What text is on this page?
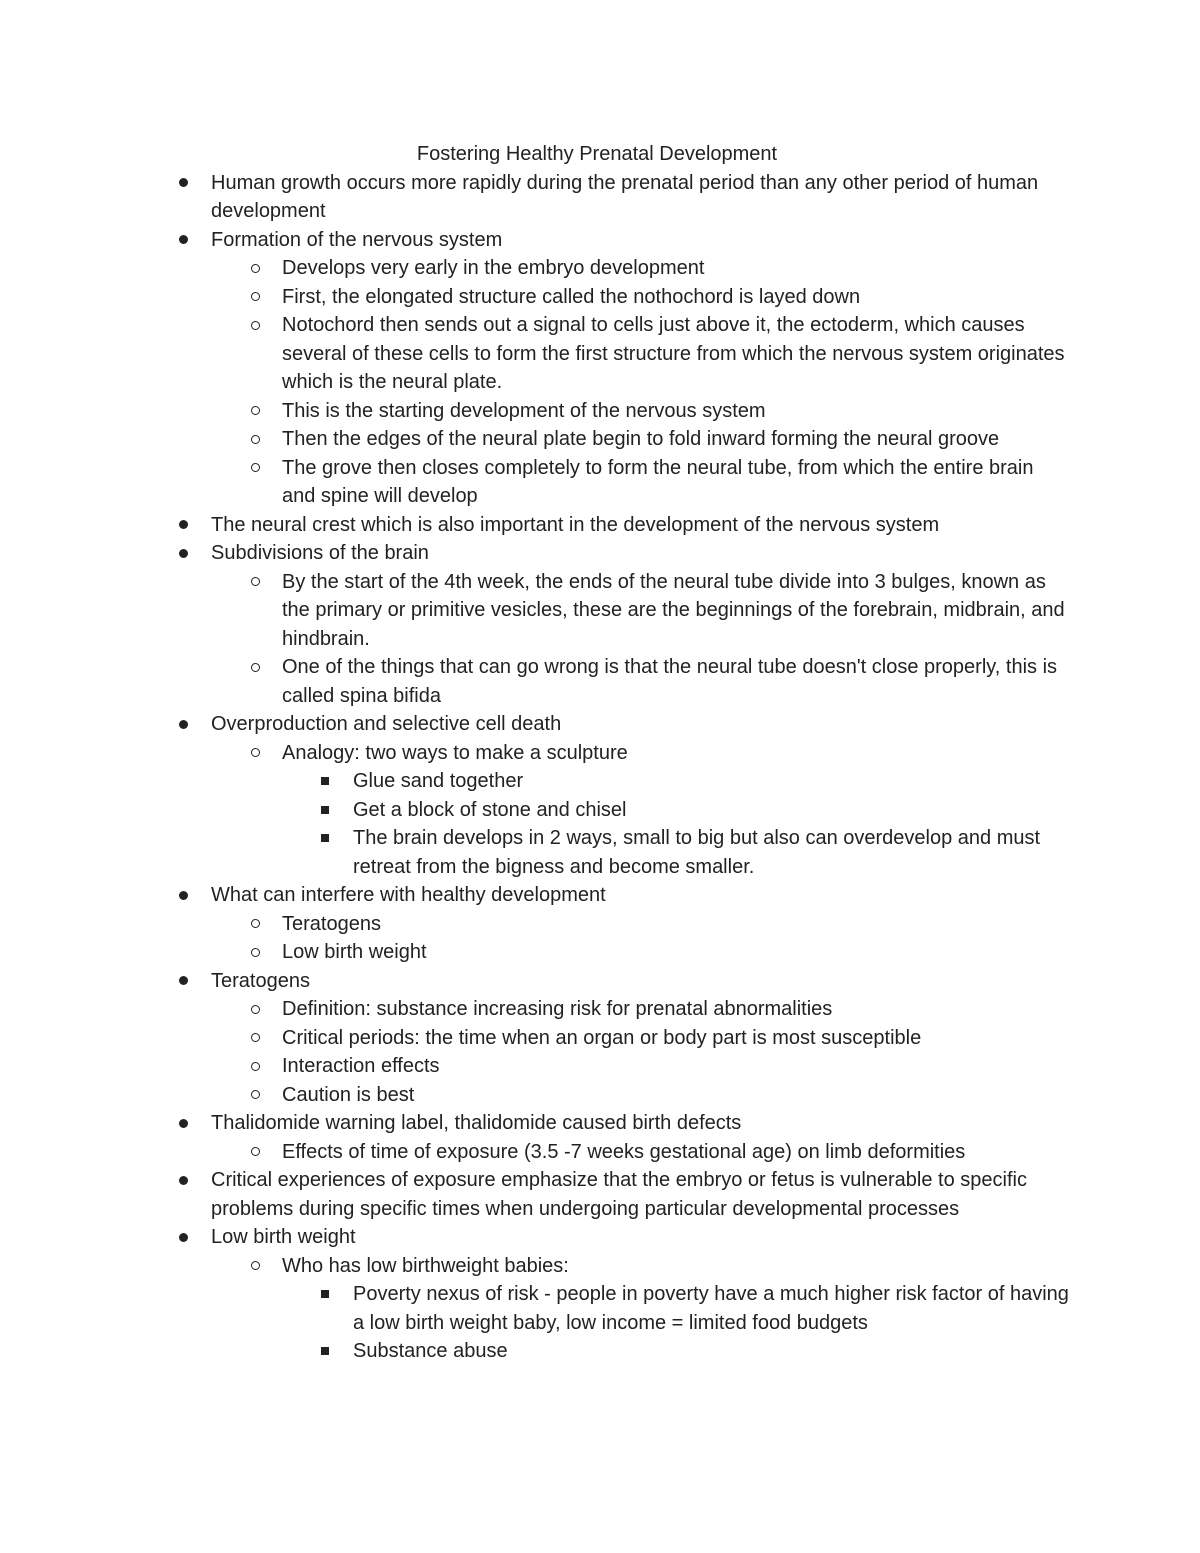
Fostering Healthy Prenatal Development
Human growth occurs more rapidly during the prenatal period than any other period of human development
Formation of the nervous system
Develops very early in the embryo development
First, the elongated structure called the nothochord is layed down
Notochord then sends out a signal to cells just above it, the ectoderm, which causes several of these cells to form the first structure from which the nervous system originates which is the neural plate.
This is the starting development of the nervous system
Then the edges of the neural plate begin to fold inward forming the neural groove
The grove then closes completely to form the neural tube, from which the entire brain and spine will develop
The neural crest which is also important in the development of the nervous system
Subdivisions of the brain
By the start of the 4th week, the ends of the neural tube divide into 3 bulges, known as the primary or primitive vesicles, these are the beginnings of the forebrain, midbrain, and hindbrain.
One of the things that can go wrong is that the neural tube doesn't close properly, this is called spina bifida
Overproduction and selective cell death
Analogy: two ways to make a sculpture
Glue sand together
Get a block of stone and chisel
The brain develops in 2 ways, small to big but also can overdevelop and must retreat from the bigness and become smaller.
What can interfere with healthy development
Teratogens
Low birth weight
Teratogens
Definition: substance increasing risk for prenatal abnormalities
Critical periods: the time when an organ or body part is most susceptible
Interaction effects
Caution is best
Thalidomide warning label, thalidomide caused birth defects
Effects of time of exposure (3.5 -7 weeks gestational age) on limb deformities
Critical experiences of exposure emphasize that the embryo or fetus is vulnerable to specific problems during specific times when undergoing particular developmental processes
Low birth weight
Who has low birthweight babies:
Poverty nexus of risk - people in poverty have a much higher risk factor of having a low birth weight baby, low income = limited food budgets
Substance abuse
